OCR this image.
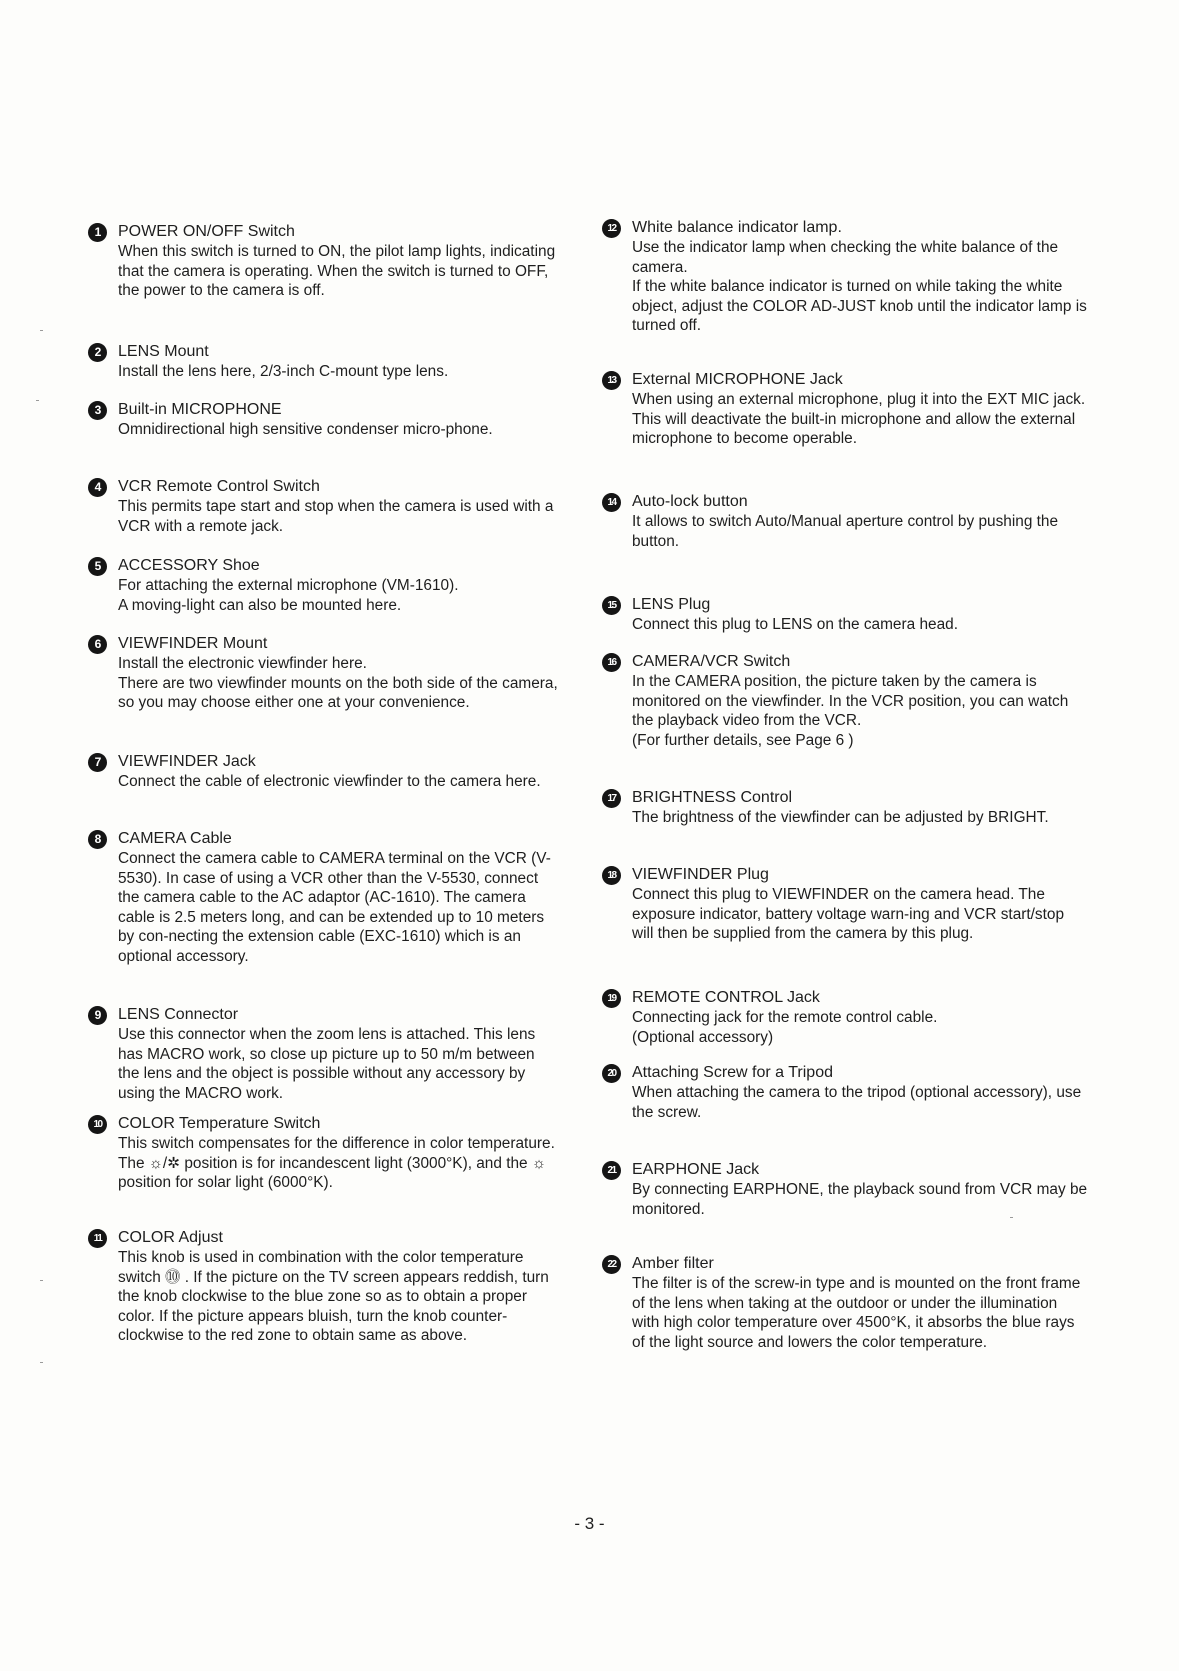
1	POWER ON/OFF Switch

When this switch is turned to ON, the pilot lamp lights, indicating that the camera is operating. When the switch is turned to OFF, the power to the camera is off.

2	LENS Mount

Install the lens here, 2/3-inch C-mount type lens.

3	Built-in MICROPHONE

Omnidirectional high sensitive condenser micro-phone.

4	VCR Remote Control Switch

This permits tape start and stop when the camera is used with a VCR with a remote jack.

5	ACCESSORY Shoe

For attaching the external microphone (VM-1610).

A moving-light can also be mounted here.

6	VIEWFINDER Mount

Install the electronic viewfinder here.

There are two viewfinder mounts on the both side of the camera, so you may choose either one at your convenience.

7	VIEWFINDER Jack

Connect the cable of electronic viewfinder to the camera here.

8	CAMERA Cable

Connect the camera cable to CAMERA terminal on the VCR (V-5530). In case of using a VCR other than the V-5530, connect the camera cable to the AC adaptor (AC-1610). The camera cable is 2.5 meters long, and can be extended up to 10 meters by con-necting the extension cable (EXC-1610) which is an optional accessory.

9	LENS Connector

Use this connector when the zoom lens is attached. This lens has MACRO work, so close up picture up to 50 m/m between the lens and the object is possible without any accessory by using the MACRO work.

10	COLOR Temperature Switch

This switch compensates for the difference in color temperature. The ☼/✲ position is for incandescent light (3000°K), and the ☼ position for solar light (6000°K).

11	COLOR Adjust

This knob is used in combination with the color temperature switch ⓾ . If the picture on the TV screen appears reddish, turn the knob clockwise to the blue zone so as to obtain a proper color. If the picture appears bluish, turn the knob counter-clockwise to the red zone to obtain same as above.

12	White balance indicator lamp.

Use the indicator lamp when checking the white balance of the camera.

If the white balance indicator is turned on while taking the white object, adjust the COLOR AD-JUST knob until the indicator lamp is turned off.

13	External MICROPHONE Jack

When using an external microphone, plug it into the EXT MIC jack.

This will deactivate the built-in microphone and allow the external microphone to become operable.

14	Auto-lock button

It allows to switch Auto/Manual aperture control by pushing the button.

15	LENS Plug

Connect this plug to LENS on the camera head.

16	CAMERA/VCR Switch

In the CAMERA position, the picture taken by the camera is monitored on the viewfinder. In the VCR position, you can watch the playback video from the VCR.

(For further details, see Page 6 )

17	BRIGHTNESS Control

The brightness of the viewfinder can be adjusted by BRIGHT.

18	VIEWFINDER Plug

Connect this plug to VIEWFINDER on the camera head. The exposure indicator, battery voltage warn-ing and VCR start/stop will then be supplied from the camera by this plug.

19	REMOTE CONTROL Jack

Connecting jack for the remote control cable.

(Optional accessory)

20	Attaching Screw for a Tripod

When attaching the camera to the tripod (optional accessory), use the screw.

21	EARPHONE Jack

By connecting EARPHONE, the playback sound from VCR may be monitored.

22	Amber filter

The filter is of the screw-in type and is mounted on the front frame of the lens when taking at the outdoor or under the illumination with high color temperature over 4500°K, it absorbs the blue rays of the light source and lowers the color temperature.

- 3 -
